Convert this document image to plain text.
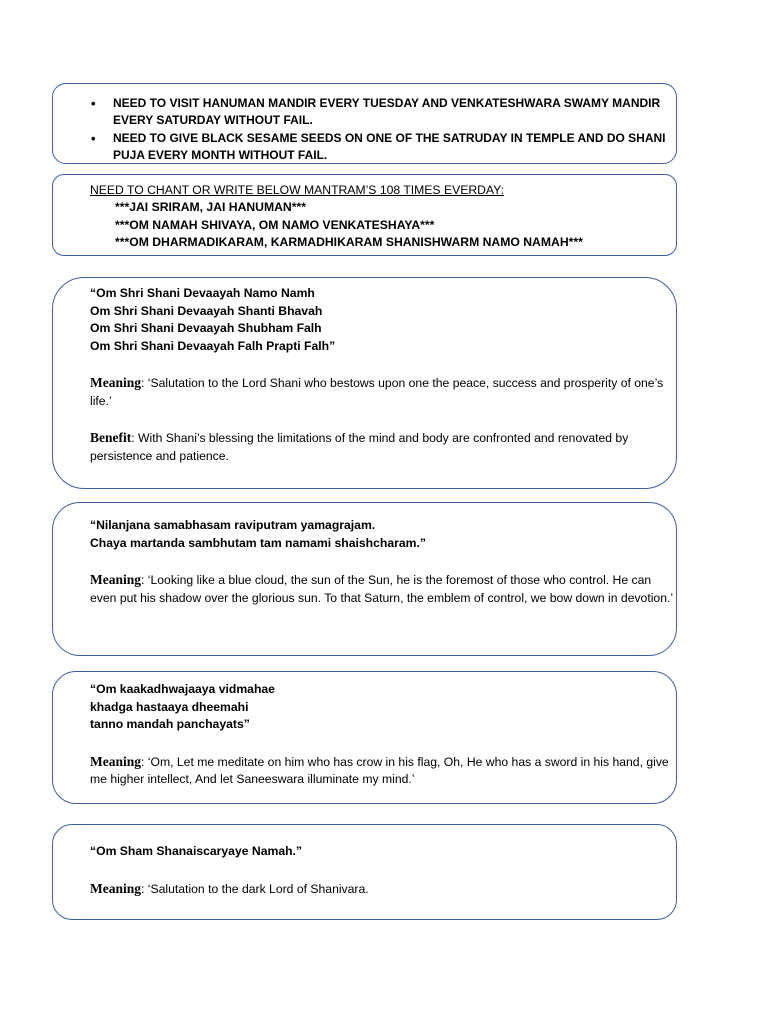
• NEED TO VISIT HANUMAN MANDIR EVERY TUESDAY AND VENKATESHWARA SWAMY MANDIR EVERY SATURDAY WITHOUT FAIL.
• NEED TO GIVE BLACK SESAME SEEDS ON ONE OF THE SATRUDAY IN TEMPLE AND DO SHANI PUJA EVERY MONTH WITHOUT FAIL.
NEED TO CHANT OR WRITE BELOW MANTRAM’S 108 TIMES EVERDAY:
***JAI SRIRAM, JAI HANUMAN***
***OM NAMAH SHIVAYA, OM NAMO VENKATESHAYA***
***OM DHARMADIKARAM, KARMADHIKARAM SHANISHWARM NAMO NAMAH***
“Om Shri Shani Devaayah Namo Namh
Om Shri Shani Devaayah Shanti Bhavah
Om Shri Shani Devaayah Shubham Falh
Om Shri Shani Devaayah Falh Prapti Falh”
Meaning: ‘Salutation to the Lord Shani who bestows upon one the peace, success and prosperity of one’s life.’
Benefit: With Shani’s blessing the limitations of the mind and body are confronted and renovated by persistence and patience.
“Nilanjana samabhasam raviputram yamagrajam.
Chaya martanda sambhutam tam namami shaishcharam.”
Meaning: ‘Looking like a blue cloud, the sun of the Sun, he is the foremost of those who control. He can even put his shadow over the glorious sun. To that Saturn, the emblem of control, we bow down in devotion.’
“Om kaakadhwajaaya vidmahae
khadga hastaaya dheemahi
tanno mandah panchayats”
Meaning: ‘Om, Let me meditate on him who has crow in his flag, Oh, He who has a sword in his hand, give me higher intellect, And let Saneeswara illuminate my mind.’
“Om Sham Shanaiscaryaye Namah.”
Meaning: ‘Salutation to the dark Lord of Shanivara.
